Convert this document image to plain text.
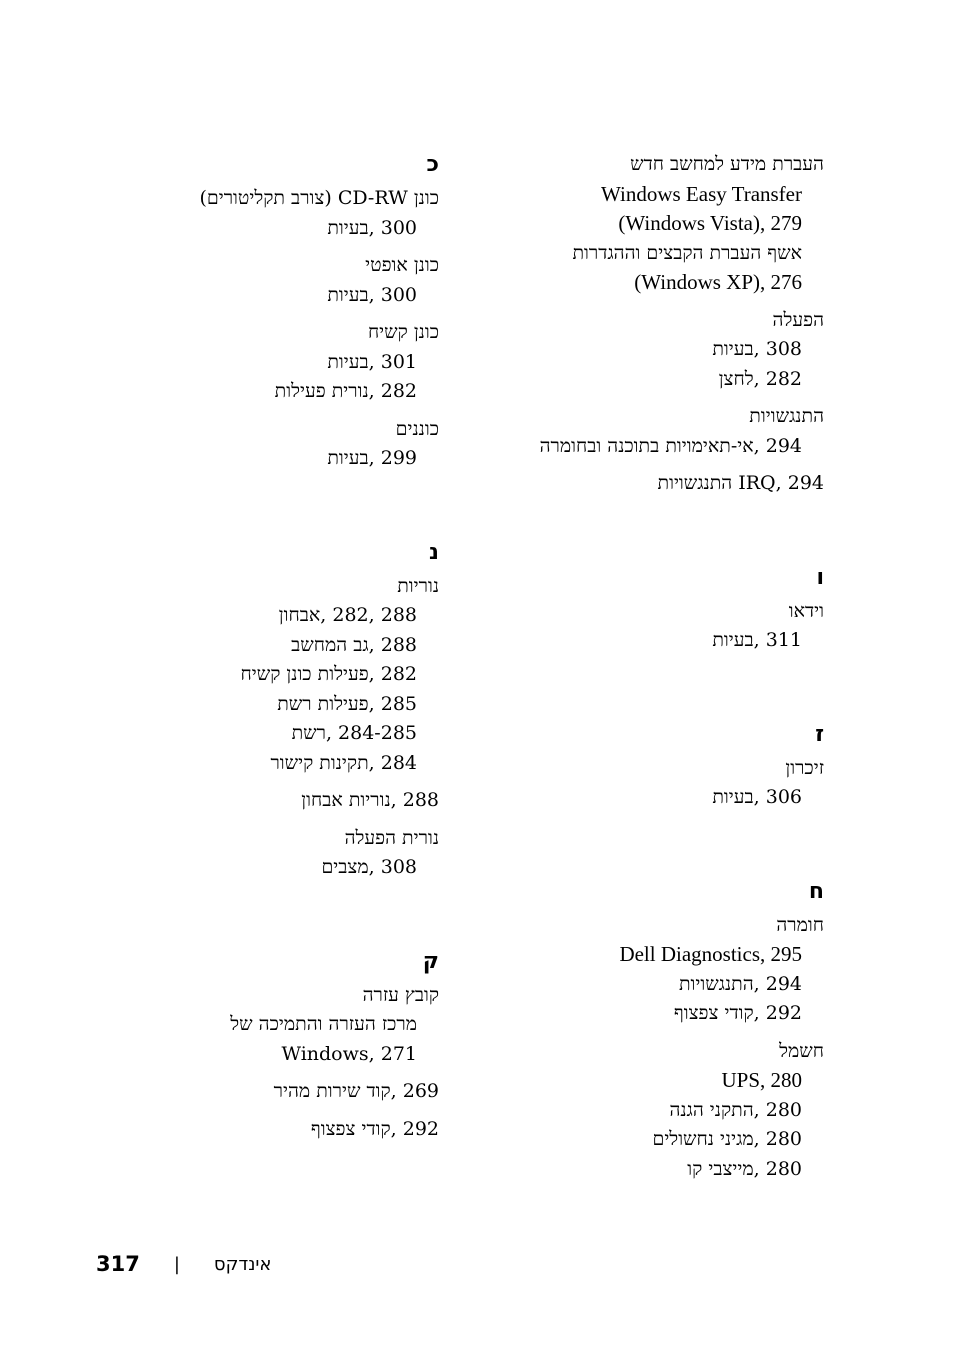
העברת מידע למחשב חדש
Windows Easy Transfer
279 ,(Windows Vista)
אשף העברת הקבצים וההגדרות
276 ,(Windows XP)
הפעלה
308 ,בעיות
282 ,לחצן
התנגשויות
294 ,אי-תאימויות בתוכנה ובחומרה
294 ,IRQ התנגשויות
ו
וידאו
311 ,בעיות
ז
זיכרון
306 ,בעיות
ח
חומרה
295 ,Dell Diagnostics
294 ,התנגשויות
292 ,קודי צפצוף
חשמל
280 ,UPS
280 ,התקני הגנה
280 ,מגיני נחשולים
280 ,מייצבי קו
כ
כונן CD-RW (צורב תקליטורים)
300 ,בעיות
כונן אופטי
300 ,בעיות
כונן קשיח
301 ,בעיות
282 ,נורית פעילות
כוננים
299 ,בעיות
נ
נוריות
288 ,282 ,אבחון
288 ,גב המחשב
282 ,פעילות כונן קשיח
285 ,פעילות רשת
284-285 ,רשת
284 ,תקינות קישור
288 ,נוריות אבחון
נורית הפעלה
308 ,מצבים
ק
קובץ עזרה
מרכז העזרה והתמיכה של
271 ,Windows
269 ,קוד שירות מהיר
292 ,קודי צפצוף
317 | אינדקס
